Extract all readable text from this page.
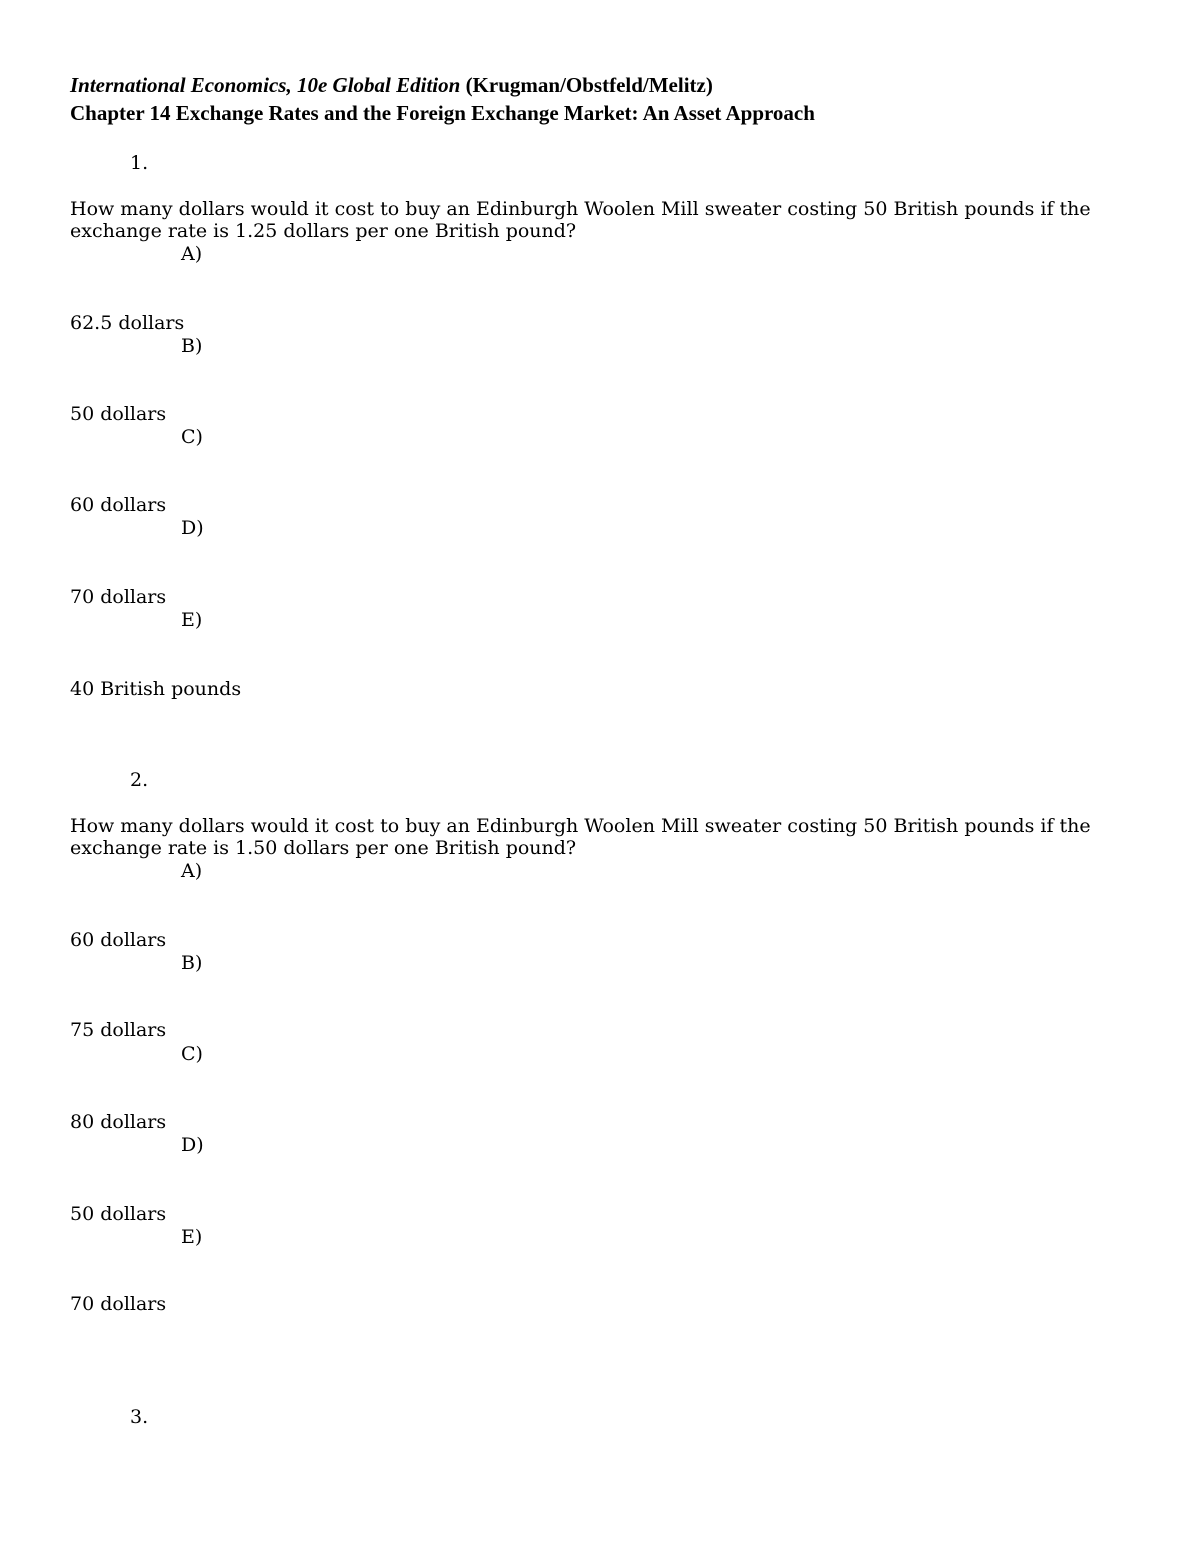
International Economics, 10e Global Edition (Krugman/Obstfeld/Melitz)
Chapter 14 Exchange Rates and the Foreign Exchange Market: An Asset Approach
1.
How many dollars would it cost to buy an Edinburgh Woolen Mill sweater costing 50 British pounds if the
exchange rate is 1.25 dollars per one British pound?
A)
62.5 dollars
B)
50 dollars
C)
60 dollars
D)
70 dollars
E)
40 British pounds
2.
How many dollars would it cost to buy an Edinburgh Woolen Mill sweater costing 50 British pounds if the
exchange rate is 1.50 dollars per one British pound?
A)
60 dollars
B)
75 dollars
C)
80 dollars
D)
50 dollars
E)
70 dollars
3.
